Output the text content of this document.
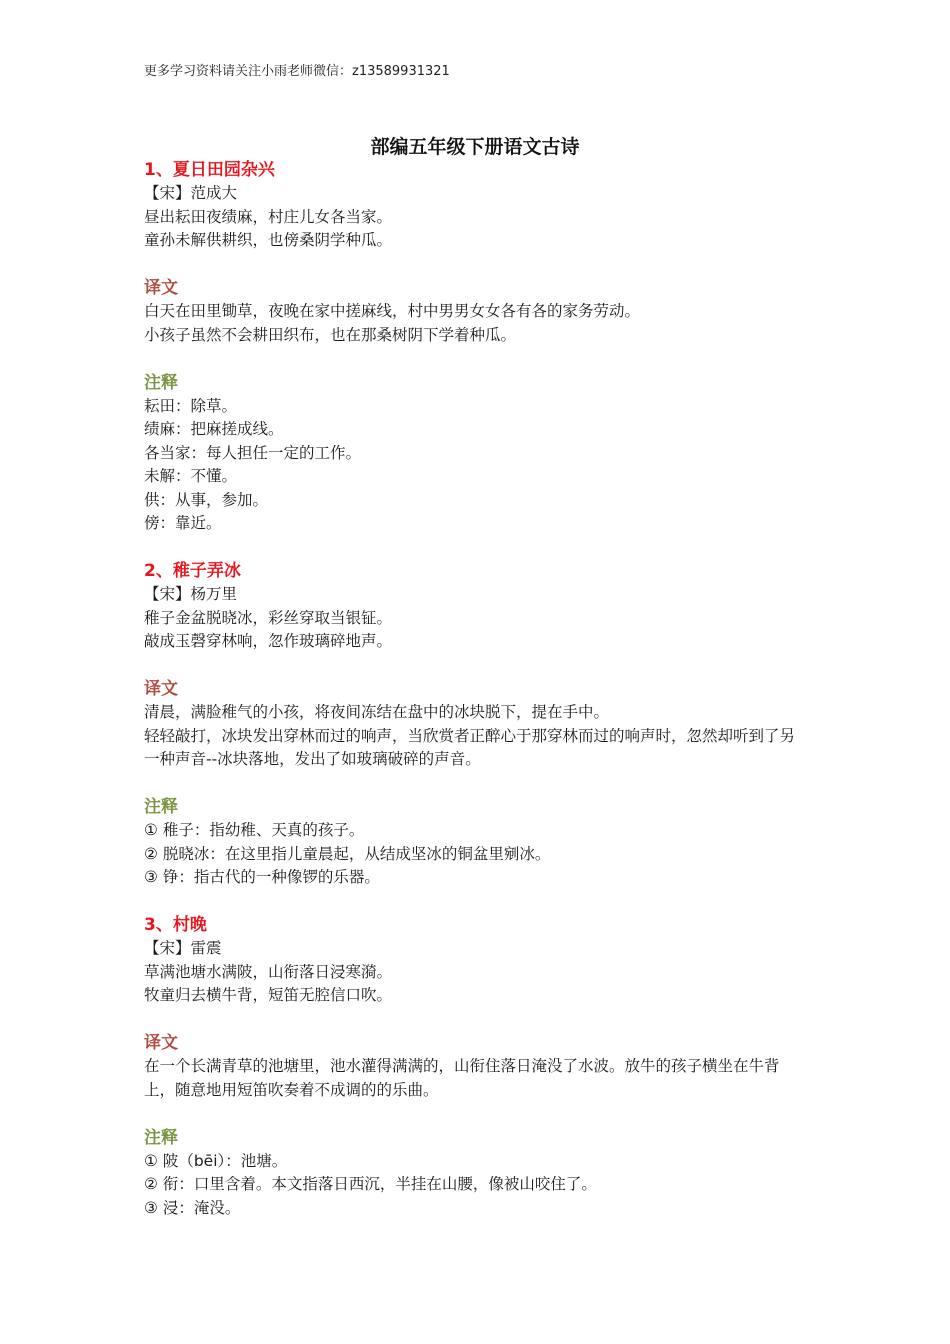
更多学习资料请关注小雨老师微信：z13589931321
部编五年级下册语文古诗
1、夏日田园杂兴
【宋】范成大
昼出耘田夜绩麻，村庄儿女各当家。
童孙未解供耕织，也傍桑阴学种瓜。
译文
白天在田里锄草，夜晚在家中搓麻线，村中男男女女各有各的家务劳动。
小孩子虽然不会耕田织布，也在那桑树阴下学着种瓜。
注释
耘田：除草。
绩麻：把麻搓成线。
各当家：每人担任一定的工作。
未解：不懂。
供：从事，参加。
傍：靠近。
2、稚子弄冰
【宋】杨万里
稚子金盆脱晓冰，彩丝穿取当银钲。
敲成玉磬穿林响，忽作玻璃碎地声。
译文
清晨，满脸稚气的小孩，将夜间冻结在盘中的冰块脱下，提在手中。
轻轻敲打，冰块发出穿林而过的响声，当欣赏者正醉心于那穿林而过的响声时，忽然却听到了另一种声音--冰块落地，发出了如玻璃破碎的声音。
注释
① 稚子：指幼稚、天真的孩子。
② 脱晓冰：在这里指儿童晨起，从结成坚冰的铜盆里剜冰。
③ 铮：指古代的一种像锣的乐器。
3、村晚
【宋】雷震
草满池塘水满陂，山衔落日浸寒漪。
牧童归去横牛背，短笛无腔信口吹。
译文
在一个长满青草的池塘里，池水灌得满满的，山衔住落日淹没了水波。放牛的孩子横坐在牛背上，随意地用短笛吹奏着不成调的的乐曲。
注释
① 陂（bēi）：池塘。
② 衔：口里含着。本文指落日西沉，半挂在山腰，像被山咬住了。
③ 浸：淹没。
